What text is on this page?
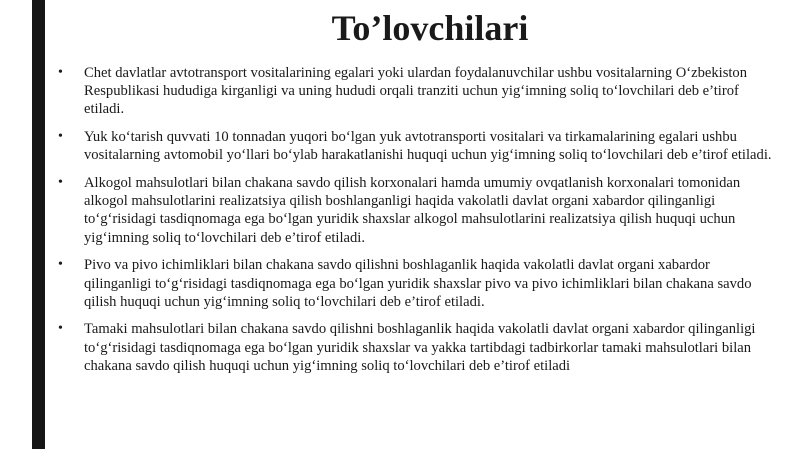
To’lovchilari
• Chet davlatlar avtotransport vositalarining egalari yoki ulardan foydalanuvchilar ushbu vositalarning O‘zbekiston Respublikasi hududiga kirganligi va uning hududi orqali tranziti uchun yig‘imning soliq to‘lovchilari deb e’tirof etiladi.
• Yuk ko‘tarish quvvati 10 tonnadan yuqori bo‘lgan yuk avtotransporti vositalari va tirkamalarining egalari ushbu vositalarning avtomobil yo‘llari bo‘ylab harakatlanishi huquqi uchun yig‘imning soliq to‘lovchilari deb e’tirof etiladi.
• Alkogol mahsulotlari bilan chakana savdo qilish korxonalari hamda umumiy ovqatlanish korxonalari tomonidan alkogol mahsulotlarini realizatsiya qilish boshlanganligi haqida vakolatli davlat organi xabardor qilinganligi to‘g‘risidagi tasdiqnomaga ega bo‘lgan yuridik shaxslar alkogol mahsulotlarini realizatsiya qilish huquqi uchun yig‘imning soliq to‘lovchilari deb e’tirof etiladi.
• Pivo va pivo ichimliklari bilan chakana savdo qilishni boshlaganlik haqida vakolatli davlat organi xabardor qilinganligi to‘g‘risidagi tasdiqnomaga ega bo‘lgan yuridik shaxslar pivo va pivo ichimliklari bilan chakana savdo qilish huquqi uchun yig‘imning soliq to‘lovchilari deb e’tirof etiladi.
• Tamaki mahsulotlari bilan chakana savdo qilishni boshlaganlik haqida vakolatli davlat organi xabardor qilinganligi to‘g‘risidagi tasdiqnomaga ega bo‘lgan yuridik shaxslar va yakka tartibdagi tadbirkorlar tamaki mahsulotlari bilan chakana savdo qilish huquqi uchun yig‘imning soliq to‘lovchilari deb e’tirof etiladi
